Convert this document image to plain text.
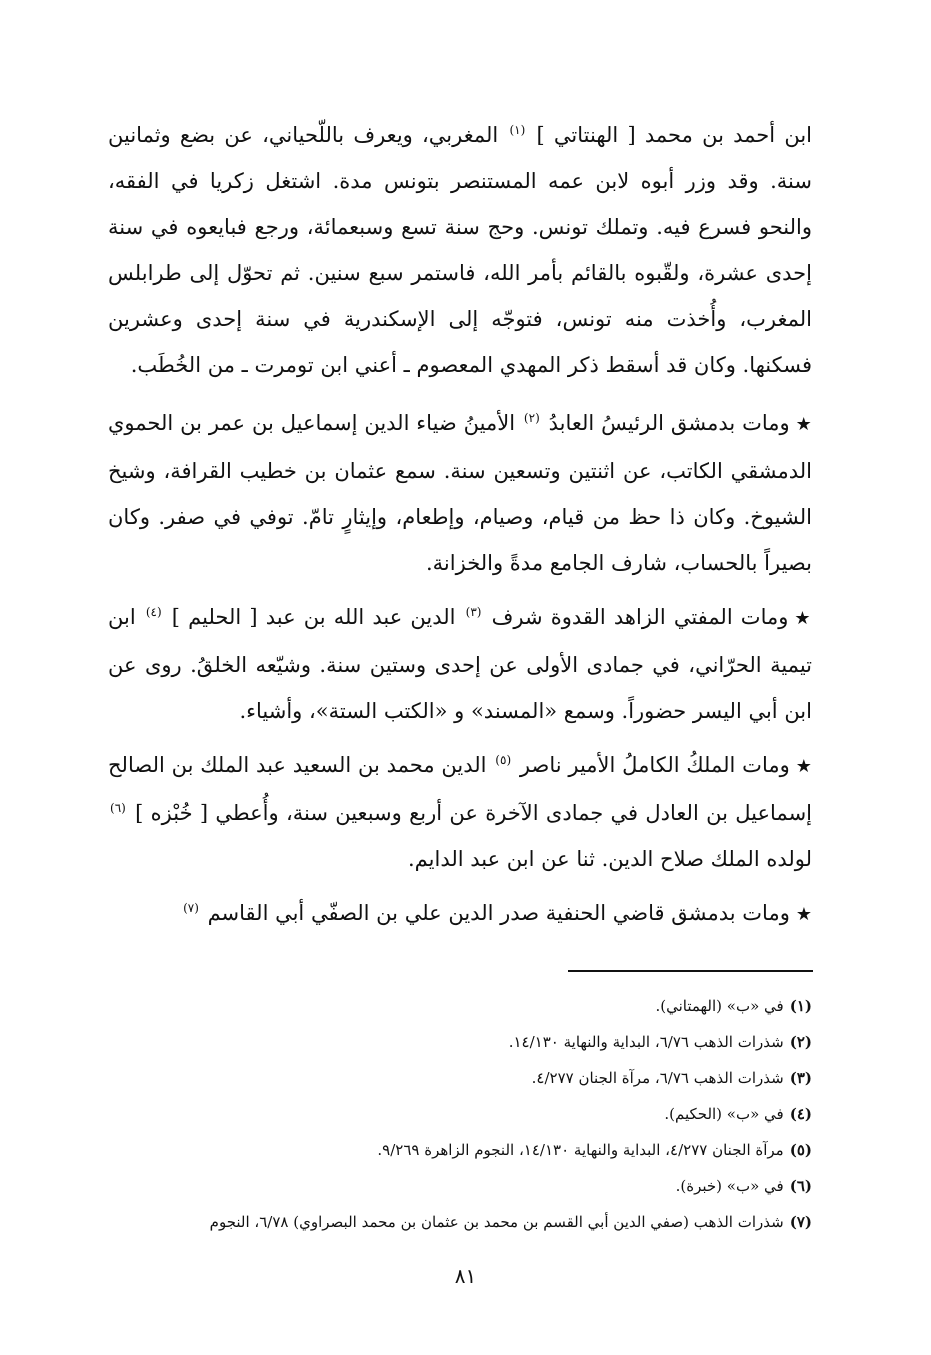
ابن أحمد بن محمد [ الهنتاتي ] $^{(١)}$ المغربي، ويعرف باللّحياني، عن بضع وثمانين سنة. وقد وزر أبوه لابن عمه المستنصر بتونس مدة. اشتغل زكريا في الفقه، والنحو فسرع فيه. وتملك تونس. وحج سنة تسع وسبعمائة، ورجع فبايعوه في سنة إحدى عشرة، ولقّبوه بالقائم بأمر الله، فاستمر سبع سنين. ثم تحوّل إلى طرابلس المغرب، وأُخذت منه تونس، فتوجّه إلى الإسكندرية في سنة إحدى وعشرين فسكنها. وكان قد أسقط ذكر المهدي المعصوم ـ أعني ابن تومرت ـ من الخُطَب.

★ومات بدمشق الرئيسُ العابدُ $^{(٢)}$ الأمينُ ضياء الدين إسماعيل بن عمر بن الحموي الدمشقي الكاتب، عن اثنتين وتسعين سنة. سمع عثمان بن خطيب القرافة، وشيخ الشيوخ. وكان ذا حظ من قيام، وصيام، وإطعام، وإيثارٍ تامّ. توفي في صفر. وكان بصيراً بالحساب، شارف الجامع مدةً والخزانة.

★ومات المفتي الزاهد القدوة شرف $^{(٣)}$ الدين عبد الله بن عبد [ الحليم ] $^{(٤)}$ ابن تيمية الحرّاني، في جمادى الأولى عن إحدى وستين سنة. وشيّعه الخلقُ. روى عن ابن أبي اليسر حضوراً. وسمع «المسند» و «الكتب الستة»، وأشياء.

★ومات الملكُ الكاملُ الأمير ناصر $^{(٥)}$ الدين محمد بن السعيد عبد الملك بن الصالح إسماعيل بن العادل في جمادى الآخرة عن أربع وسبعين سنة، وأُعطي [ خُبْزه ] $^{(٦)}$ لولده الملك صلاح الدين. ثنا عن ابن عبد الدايم.

★ومات بدمشق قاضي الحنفية صدر الدين علي بن الصفّي أبي القاسم $^{(٧)}$

(١)في «ب» (الهمتاني).
(٢)شذرات الذهب ٦/٧٦، البداية والنهاية ١٤/١٣٠.
(٣)شذرات الذهب ٦/٧٦، مرآة الجنان ٤/٢٧٧.
(٤)في «ب» (الحكيم).
(٥)مرآة الجنان ٤/٢٧٧، البداية والنهاية ١٤/١٣٠، النجوم الزاهرة ٩/٢٦٩.
(٦)في «ب» (خبرة).
(٧)شذرات الذهب (صفي الدين أبي القسم بن محمد بن عثمان بن محمد البصراوي) ٦/٧٨، النجوم
٨١
